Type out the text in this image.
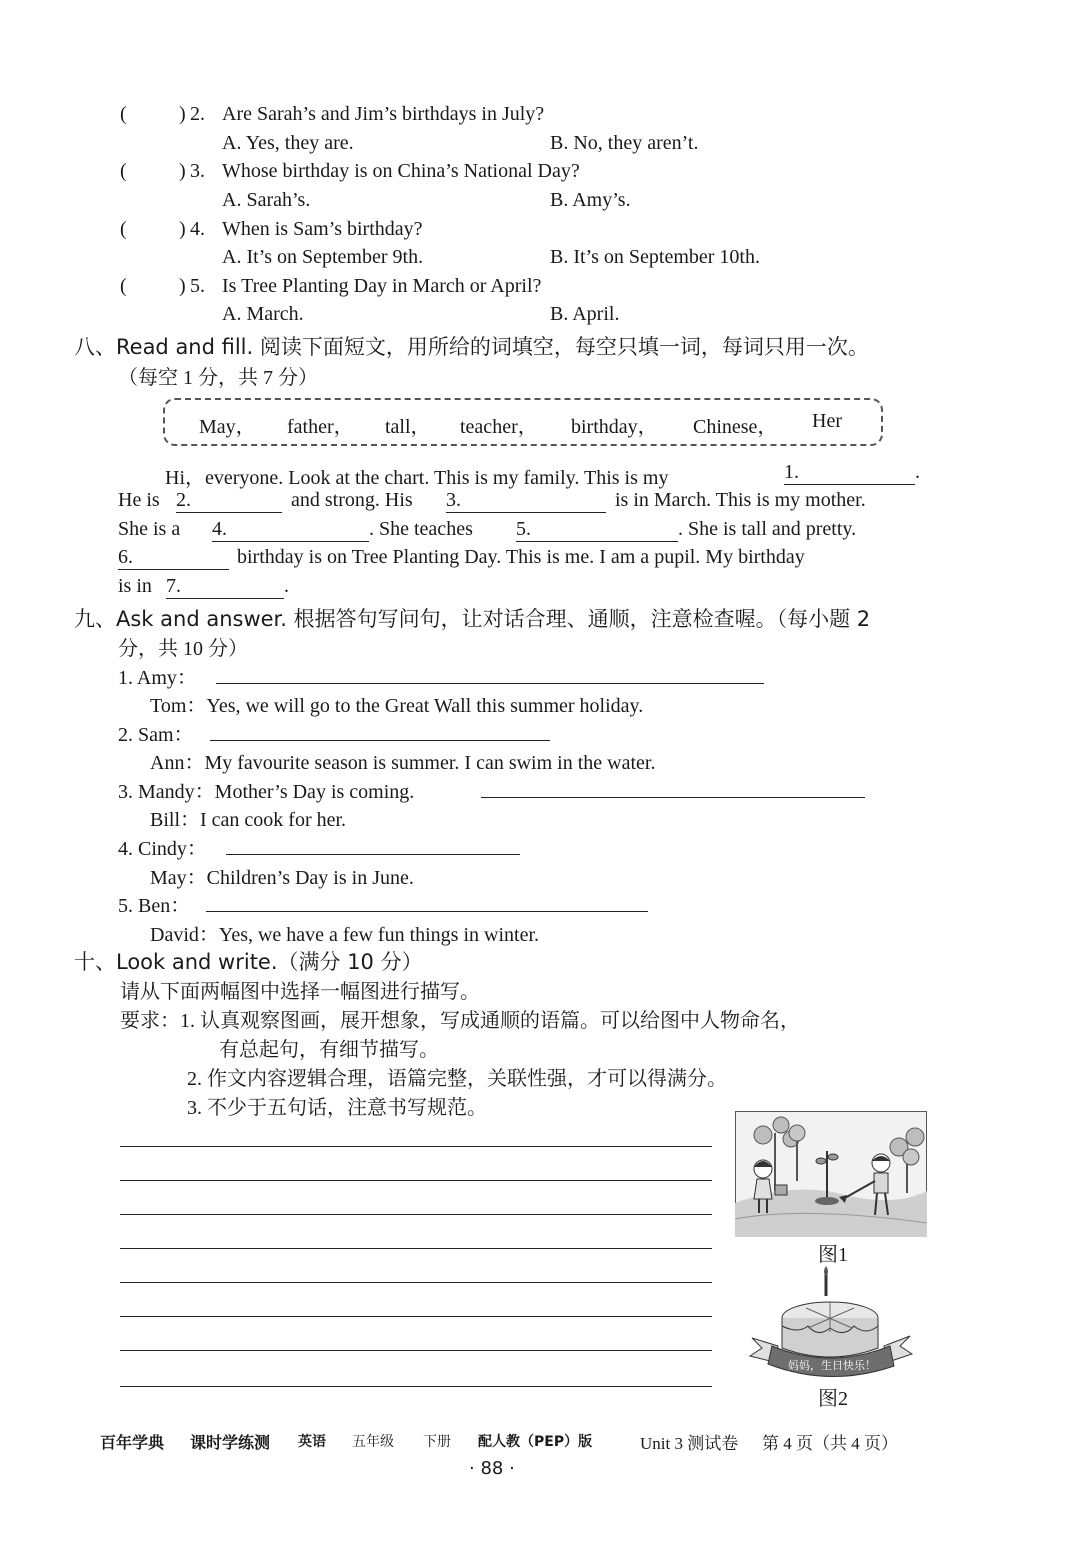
(	) 2. Are Sarah’s and Jim’s birthdays in July?
A. Yes, they are.	B. No, they aren’t.
(	) 3. Whose birthday is on China’s National Day?
A. Sarah’s.	B. Amy’s.
(	) 4. When is Sam’s birthday?
A. It’s on September 9th.	B. It’s on September 10th.
(	) 5. Is Tree Planting Day in March or April?
A. March.	B. April.
八、Read and fill. 阅读下面短文，用所给的词填空，每空只填一词，每词只用一次。
（每空 1 分，共 7 分）
May， father， tall， teacher， birthday， Chinese， Her
Hi，everyone. Look at the chart. This is my family. This is my	1.	.
He is 2.	and strong. His 3.	is in March. This is my mother.
She is a 4.	. She teaches 5.	. She is tall and pretty.
6.	birthday is on Tree Planting Day. This is me. I am a pupil. My birthday
is in 7.	.
九、Ask and answer. 根据答句写问句，让对话合理、通顺，注意检查喔。（每小题 2
分，共 10 分）
1. Amy：
Tom：Yes, we will go to the Great Wall this summer holiday.
2. Sam：
Ann：My favourite season is summer. I can swim in the water.
3. Mandy：Mother’s Day is coming.
Bill：I can cook for her.
4. Cindy：
May：Children’s Day is in June.
5. Ben：
David：Yes, we have a few fun things in winter.
十、Look and write.（满分 10 分）
请从下面两幅图中选择一幅图进行描写。
要求：1. 认真观察图画，展开想象，写成通顺的语篇。可以给图中人物命名，
有总起句，有细节描写。
2. 作文内容逻辑合理，语篇完整，关联性强，才可以得满分。
3. 不少于五句话，注意书写规范。
图1
妈妈，生日快乐！
图2
百年学典 课时学练测 英语 五年级 下册 配人教（PEP）版	Unit 3 测试卷 第 4 页（共 4 页）
· 88 ·
